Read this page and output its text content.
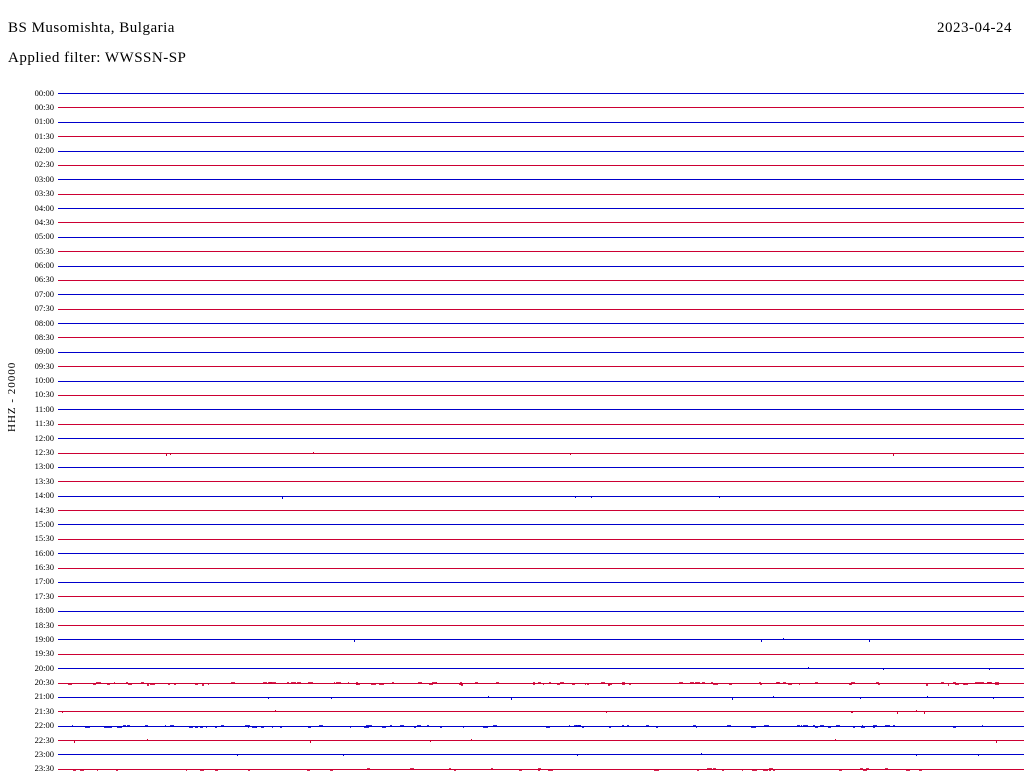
BS Musomishta, Bulgaria
Applied filter: WWSSN-SP
2023-04-24
HHZ - 20000
00:00
00:30
01:00
01:30
02:00
02:30
03:00
03:30
04:00
04:30
05:00
05:30
06:00
06:30
07:00
07:30
08:00
08:30
09:00
09:30
10:00
10:30
11:00
11:30
12:00
12:30
13:00
13:30
14:00
14:30
15:00
15:30
16:00
16:30
17:00
17:30
18:00
18:30
19:00
19:30
20:00
20:30
21:00
21:30
22:00
22:30
23:00
23:30
